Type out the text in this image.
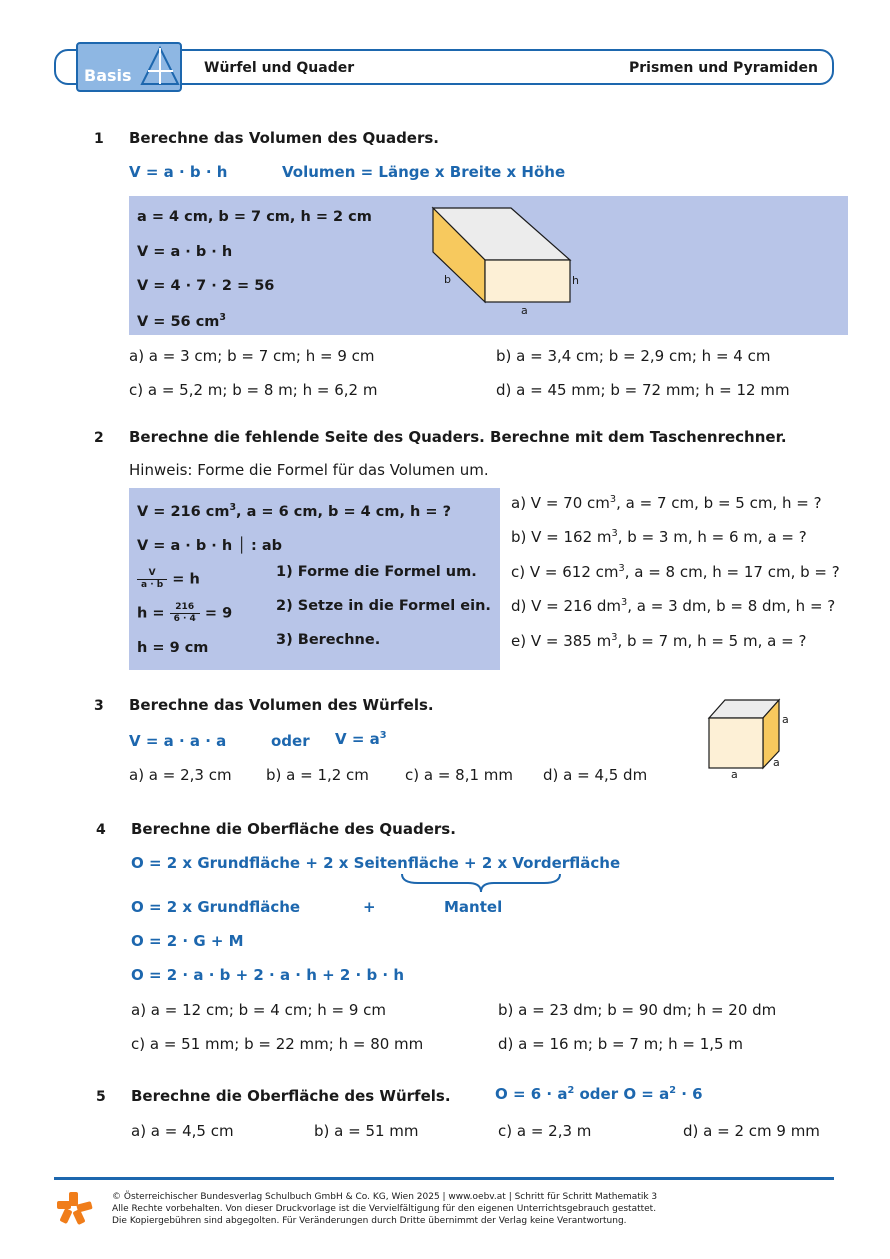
Basis	Würfel und Quader	Prismen und Pyramiden
1 Berechne das Volumen des Quaders.
V = a · b · h	Volumen = Länge x Breite x Höhe
a = 4 cm, b = 7 cm, h = 2 cm
V = a · b · h
V = 4 · 7 · 2 = 56
V = 56 $cm^3$
b	h
a
a) a = 3 cm; b = 7 cm; h = 9 cm	b) a = 3,4 cm; b = 2,9 cm; h = 4 cm
c) a = 5,2 m; b = 8 m; h = 6,2 m	d) a = 45 mm; b = 72 mm; h = 12 mm
2 Berechne die fehlende Seite des Quaders. Berechne mit dem Taschenrechner.
Hinweis: Forme die Formel für das Volumen um.
V = 216 $cm^3$, a = 6 cm, b = 4 cm, h = ?
V = a · b · h │ : ab
$\frac{V}{a \cdot b} = h$
$h = \frac{216}{6 \cdot 4} = 9$
h = 9 cm
1) Forme die Formel um.
2) Setze in die Formel ein.
3) Berechne.
a) V = 70 $cm^3$, a = 7 cm, b = 5 cm, h = ?
b) V = 162 $m^3$, b = 3 m, h = 6 m, a = ?
c) V = 612 $cm^3$, a = 8 cm, h = 17 cm, b = ?
d) V = 216 $dm^3$, a = 3 dm, b = 8 dm, h = ?
e) V = 385 $m^3$, b = 7 m, h = 5 m, a = ?
3 Berechne das Volumen des Würfels.
V = a · a · a	oder $V = a^3$
a) a = 2,3 cm b) a = 1,2 cm c) a = 8,1 mm d) a = 4,5 dm
a
a
a
4 Berechne die Oberfläche des Quaders.
O = 2 x Grundfläche + 2 x Seitenfläche + 2 x Vorderfläche
O = 2 x Grundfläche	+	Mantel
O = 2 · G + M
O = 2 · a · b + 2 · a · h + 2 · b · h
a) a = 12 cm; b = 4 cm; h = 9 cm	b) a = 23 dm; b = 90 dm; h = 20 dm
c) a = 51 mm; b = 22 mm; h = 80 mm	d) a = 16 m; b = 7 m; h = 1,5 m
5 Berechne die Oberfläche des Würfels.	$O = 6 \cdot a^2$ oder $O = a^2 \cdot 6$
a) a = 4,5 cm	b) a = 51 mm	c) a = 2,3 m	d) a = 2 cm 9 mm
© Österreichischer Bundesverlag Schulbuch GmbH & Co. KG, Wien 2025 | www.oebv.at | Schritt für Schritt Mathematik 3
Alle Rechte vorbehalten. Von dieser Druckvorlage ist die Vervielfältigung für den eigenen Unterrichtsgebrauch gestattet.
Die Kopiergebühren sind abgegolten. Für Veränderungen durch Dritte übernimmt der Verlag keine Verantwortung.
